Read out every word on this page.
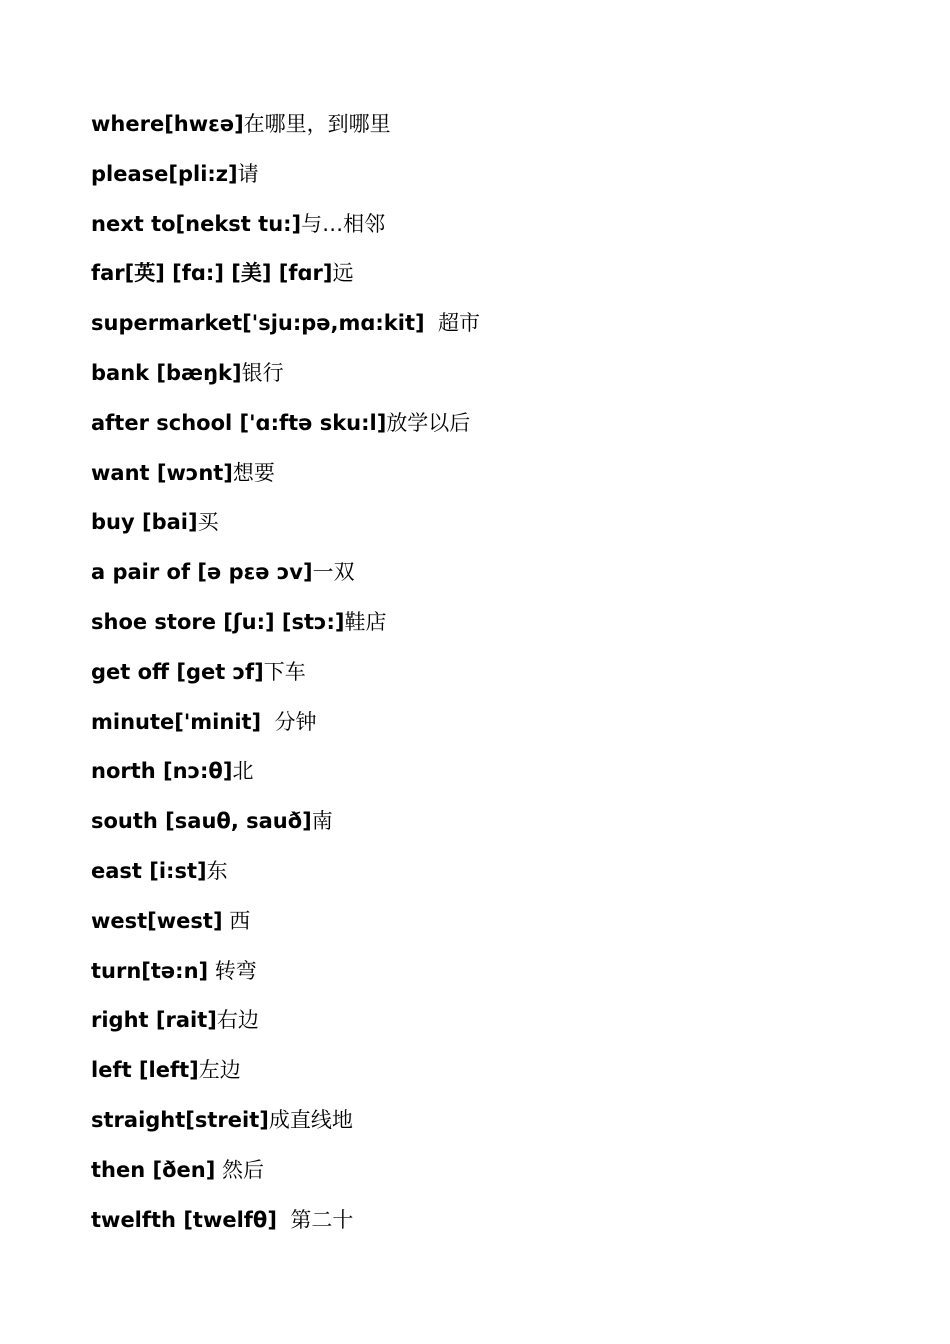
where[hwεə]在哪里，到哪里
please[pli:z]请
next to[nekst tu:]与…相邻
far[英] [fɑ:] [美] [fɑr]远
supermarket['sju:pə,mɑ:kit]  超市
bank [bæŋk]银行
after school ['ɑ:ftə sku:l]放学以后
want [wɔnt]想要
buy [bai]买
a pair of [ə pεə ɔv]一双
shoe store [ʃu:] [stɔ:]鞋店
get off [get ɔf]下车
minute['minit]  分钟
north [nɔ:θ]北
south [sauθ, sauð]南
east [i:st]东
west[west] 西
turn[tə:n] 转弯
right [rait]右边
left [left]左边
straight[streit]成直线地
then [ðen] 然后
twelfth [twelfθ]  第二十
